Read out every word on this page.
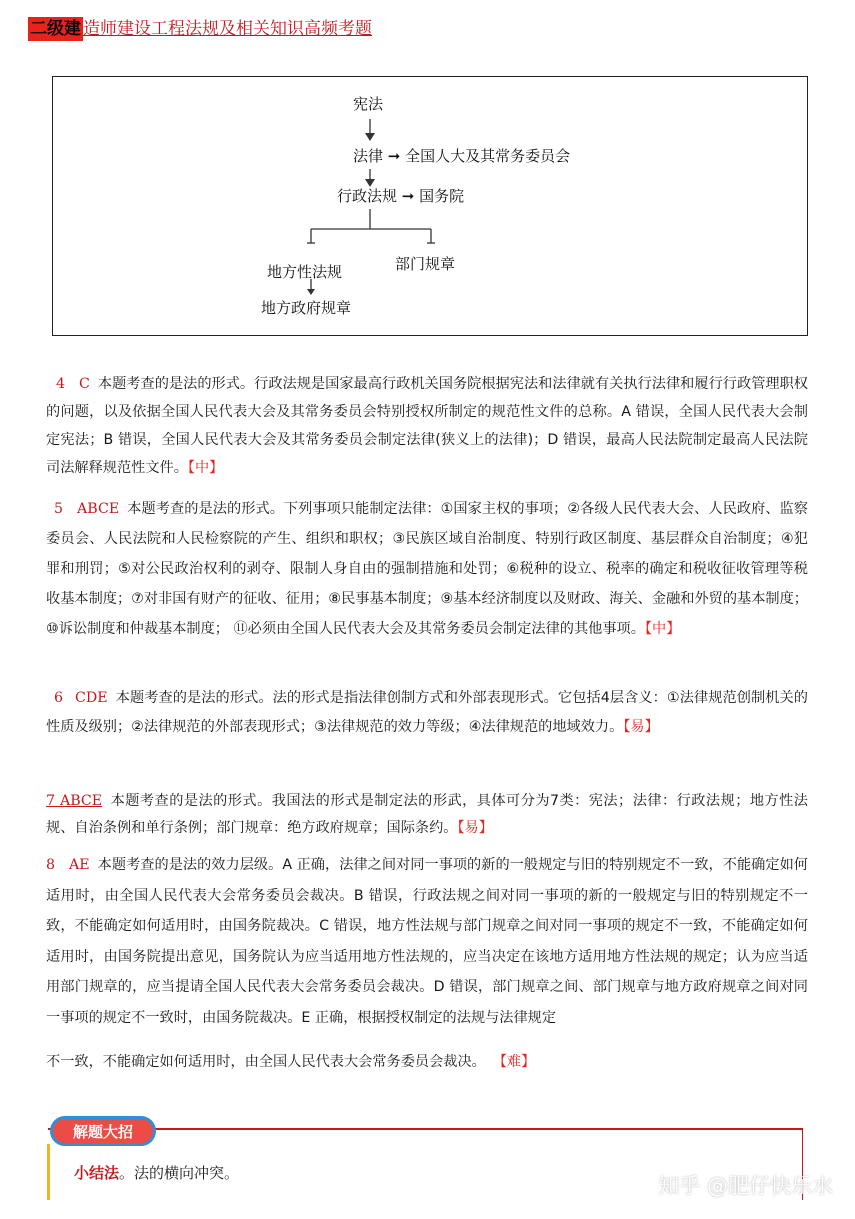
二级建 造师建设工程法规及相关知识高频考题
宪法
法律 ➞ 全国人大及其常务委员会
行政法规 ➞ 国务院
地方性法规	部门规章
地方政府规章

4 C 本题考查的是法的形式。行政法规是国家最高行政机关国务院根据宪法和法律就有关执行法律和履行行政管理职权的问题，以及依据全国人民代表大会及其常务委员会特别授权所制定的规范性文件的总称。A 错误，全国人民代表大会制定宪法；B 错误，全国人民代表大会及其常务委员会制定法律(狭义上的法律)；D 错误，最高人民法院制定最高人民法院司法解释规范性文件。【中】

5 ABCE 本题考查的是法的形式。下列事项只能制定法律：①国家主权的事项；②各级人民代表大会、人民政府、监察委员会、人民法院和人民检察院的产生、组织和职权；③民族区域自治制度、特别行政区制度、基层群众自治制度；④犯罪和刑罚；⑤对公民政治权利的剥夺、限制人身自由的强制措施和处罚；⑥税种的设立、税率的确定和税收征收管理等税收基本制度；⑦对非国有财产的征收、征用；⑧民事基本制度；⑨基本经济制度以及财政、海关、金融和外贸的基本制度；⑩诉讼制度和仲裁基本制度； ⑪必须由全国人民代表大会及其常务委员会制定法律的其他事项。【中】

6 CDE 本题考查的是法的形式。法的形式是指法律创制方式和外部表现形式。它包括4层含义：①法律规范创制机关的性质及级别；②法律规范的外部表现形式；③法律规范的效力等级；④法律规范的地域效力。【易】

7 ABCE 本题考查的是法的形式。我国法的形式是制定法的形武，具体可分为7类：宪法；法律：行政法规；地方性法规、自治条例和单行条例；部门规章：绝方政府规章；国际条约。【易】

8 AE 本题考查的是法的效力层级。A 正确，法律之间对同一事项的新的一般规定与旧的特别规定不一致，不能确定如何适用时，由全国人民代表大会常务委员会裁决。B 错误，行政法规之间对同一事项的新的一般规定与旧的特别规定不一致，不能确定如何适用时，由国务院裁决。C 错误，地方性法规与部门规章之间对同一事项的规定不一致，不能确定如何适用时，由国务院提出意见，国务院认为应当适用地方性法规的，应当决定在该地方适用地方性法规的规定；认为应当适用部门规章的，应当提请全国人民代表大会常务委员会裁决。D 错误，部门规章之间、部门规章与地方政府规章之间对同一事项的规定不一致时，由国务院裁决。E 正确，根据授权制定的法规与法律规定

不一致，不能确定如何适用时，由全国人民代表大会常务委员会裁决。 【难】

解题大招
小结法。法的横向冲突。
知乎 @肥仔快乐水
